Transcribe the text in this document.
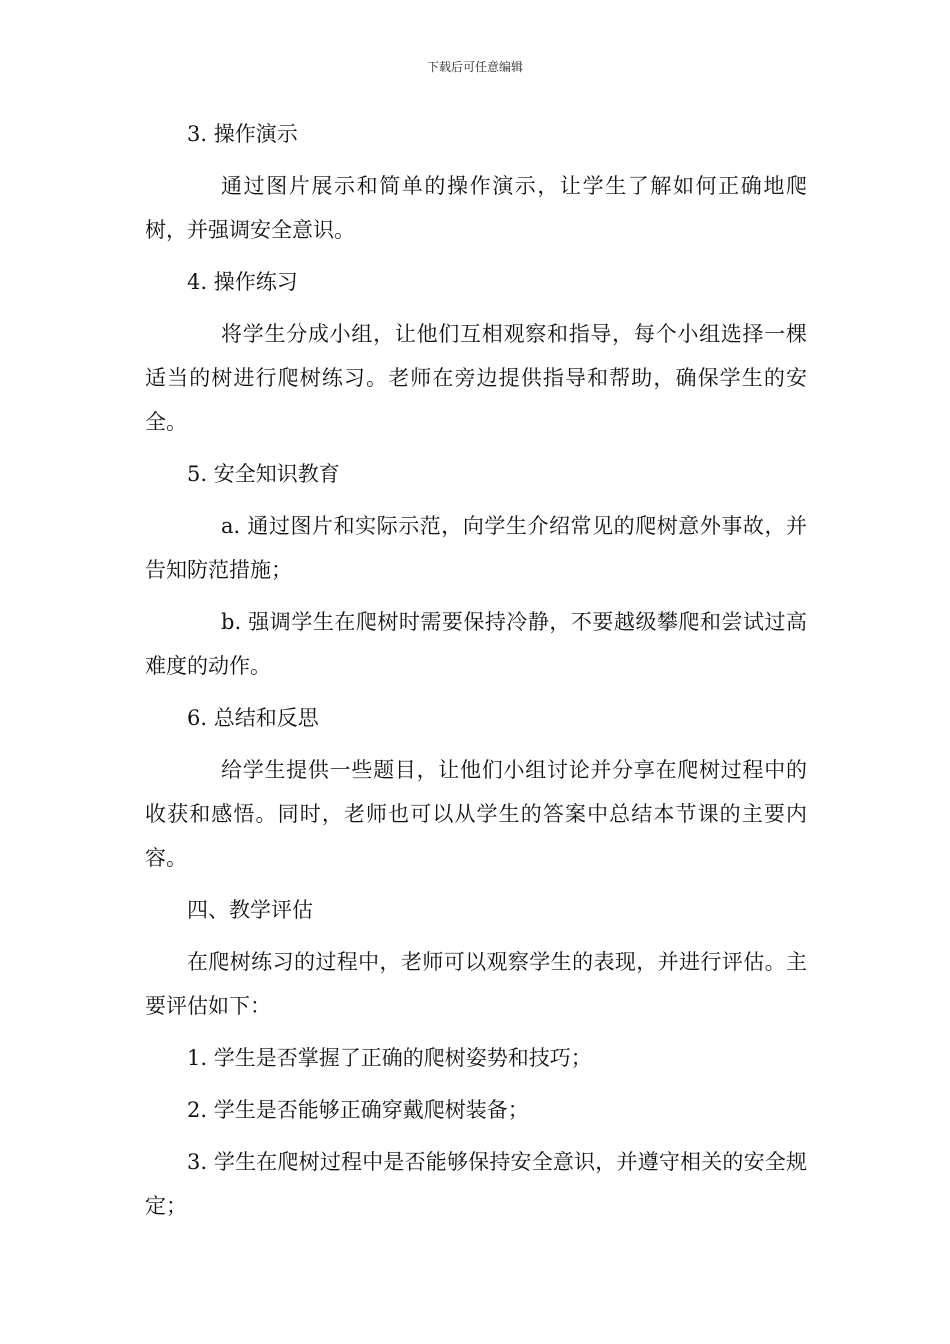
下载后可任意编辑

3. 操作演示

通过图片展示和简单的操作演示，让学生了解如何正确地爬树，并强调安全意识。

4. 操作练习

将学生分成小组，让他们互相观察和指导，每个小组选择一棵适当的树进行爬树练习。老师在旁边提供指导和帮助，确保学生的安全。

5. 安全知识教育

a. 通过图片和实际示范，向学生介绍常见的爬树意外事故，并告知防范措施；

b. 强调学生在爬树时需要保持冷静，不要越级攀爬和尝试过高难度的动作。

6. 总结和反思

给学生提供一些题目，让他们小组讨论并分享在爬树过程中的收获和感悟。同时，老师也可以从学生的答案中总结本节课的主要内容。

四、教学评估

在爬树练习的过程中，老师可以观察学生的表现，并进行评估。主要评估如下：

1. 学生是否掌握了正确的爬树姿势和技巧；

2. 学生是否能够正确穿戴爬树装备；

3. 学生在爬树过程中是否能够保持安全意识，并遵守相关的安全规定；
